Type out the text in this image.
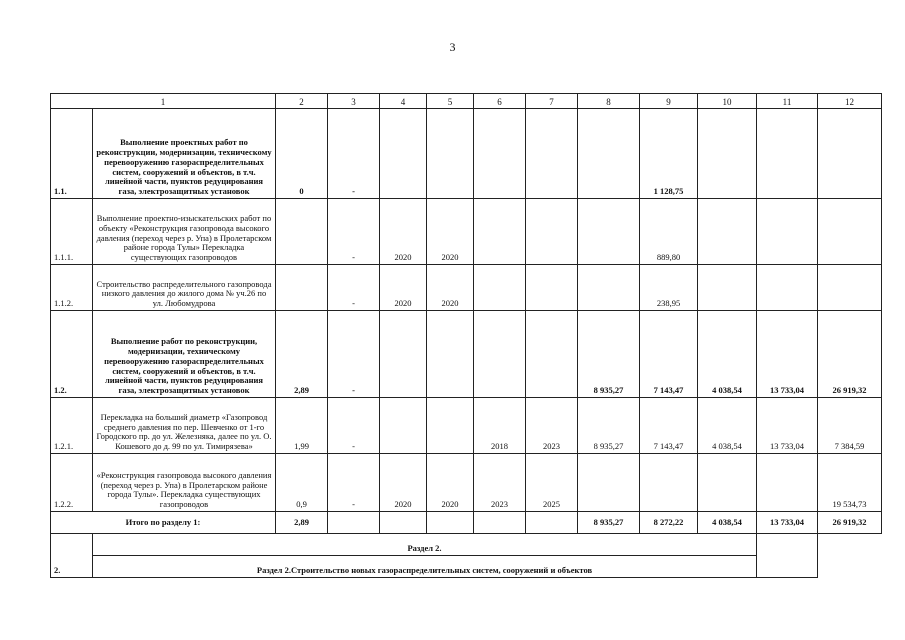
3
1		2	3	4	5	6	7	8	9	10	11	12
1.1.	Выполнение проектных работ по реконструкции, модернизации, техническому перевооружению газораспределительных систем, сооружений и объектов, в т.ч. линейной части, пунктов редуцирования газа, электрозащитных установок	0	-						1 128,75			
1.1.1.	Выполнение проектно-изыскательских работ по объекту «Реконструкция газопровода высокого давления (переход через р. Упа) в Пролетарском районе города Тулы» Перекладка существующих газопроводов		-	2020	2020				889,80			
1.1.2.	Строительство распределительного газопровода низкого давления до жилого дома № уч.26 по ул. Любомудрова		-	2020	2020				238,95			
1.2.	Выполнение работ по реконструкции, модернизации, техническому перевооружению газораспределительных систем, сооружений и объектов, в т.ч. линейной части, пунктов редуцирования газа, электрозащитных установок	2,89	-					8 935,27	7 143,47	4 038,54	13 733,04	26 919,32
1.2.1.	Перекладка на больший диаметр «Газопровод среднего давления по пер. Шевченко от 1-го Городского пр. до ул. Железняка, далее по ул. О. Кошевого до д. 99 по ул. Тимирязева»	1,99	-			2018	2023	8 935,27	7 143,47	4 038,54	13 733,04	7 384,59
1.2.2.	«Реконструкция газопровода высокого давления (переход через р. Упа) в Пролетарском районе города Тулы». Перекладка существующих газопроводов	0,9	-	2020	2020	2023	2025					19 534,73
Итого по разделу 1:		2,89						8 935,27	8 272,22	4 038,54	13 733,04	26 919,32
2.	Раздел 2.											
	Раздел 2.Строительство новых газораспределительных систем, сооружений и объектов											
